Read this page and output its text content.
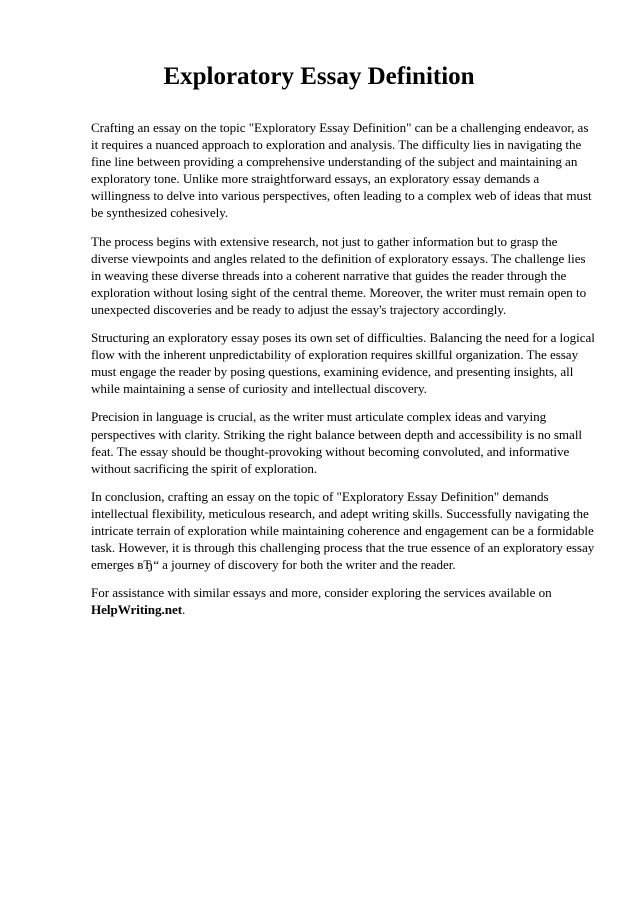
Exploratory Essay Definition

Crafting an essay on the topic "Exploratory Essay Definition" can be a challenging endeavor, as
it requires a nuanced approach to exploration and analysis. The difficulty lies in navigating the
fine line between providing a comprehensive understanding of the subject and maintaining an
exploratory tone. Unlike more straightforward essays, an exploratory essay demands a
willingness to delve into various perspectives, often leading to a complex web of ideas that must
be synthesized cohesively.

The process begins with extensive research, not just to gather information but to grasp the
diverse viewpoints and angles related to the definition of exploratory essays. The challenge lies
in weaving these diverse threads into a coherent narrative that guides the reader through the
exploration without losing sight of the central theme. Moreover, the writer must remain open to
unexpected discoveries and be ready to adjust the essay's trajectory accordingly.

Structuring an exploratory essay poses its own set of difficulties. Balancing the need for a logical
flow with the inherent unpredictability of exploration requires skillful organization. The essay
must engage the reader by posing questions, examining evidence, and presenting insights, all
while maintaining a sense of curiosity and intellectual discovery.

Precision in language is crucial, as the writer must articulate complex ideas and varying
perspectives with clarity. Striking the right balance between depth and accessibility is no small
feat. The essay should be thought-provoking without becoming convoluted, and informative
without sacrificing the spirit of exploration.

In conclusion, crafting an essay on the topic of "Exploratory Essay Definition" demands
intellectual flexibility, meticulous research, and adept writing skills. Successfully navigating the
intricate terrain of exploration while maintaining coherence and engagement can be a formidable
task. However, it is through this challenging process that the true essence of an exploratory essay
emerges вЂ“ a journey of discovery for both the writer and the reader.

For assistance with similar essays and more, consider exploring the services available on
HelpWriting.net.
